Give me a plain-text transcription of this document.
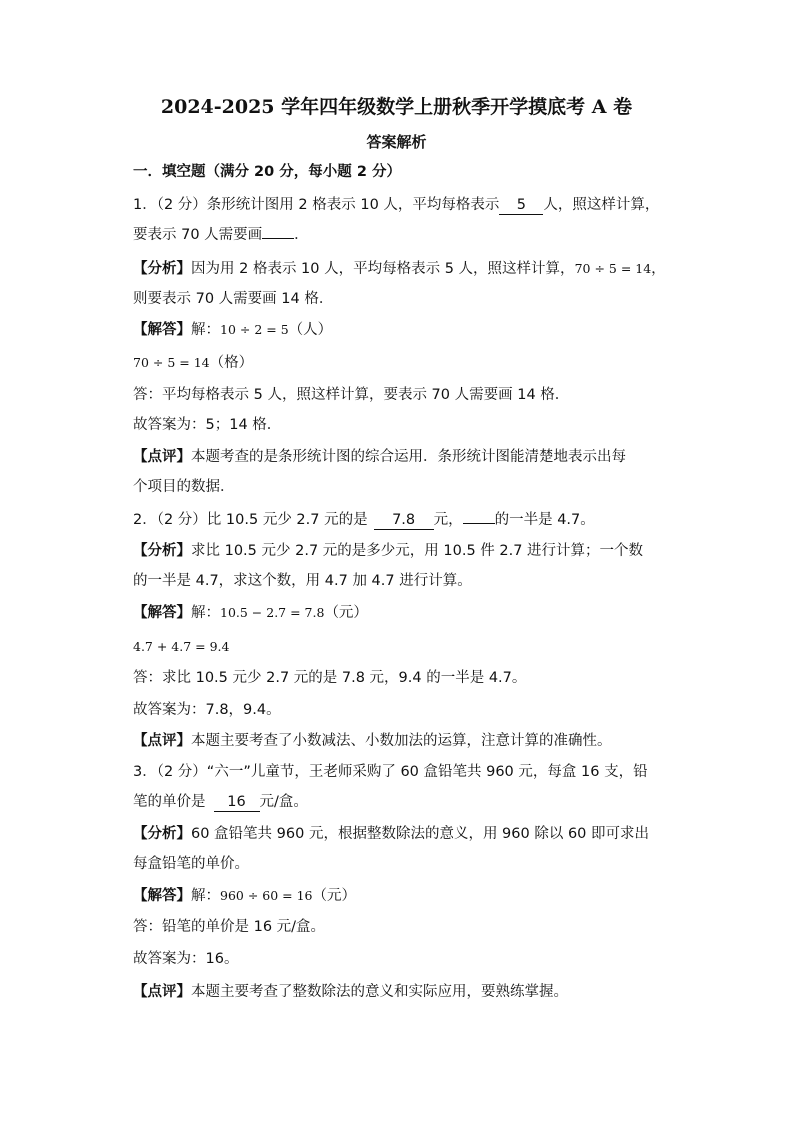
2024-2025 学年四年级数学上册秋季开学摸底考 A 卷
答案解析
一．填空题（满分 20 分，每小题 2 分）
1．（2 分）条形统计图用 2 格表示 10 人，平均每格表示 5 人，照这样计算，
要表示 70 人需要画 ．
【分析】因为用 2 格表示 10 人，平均每格表示 5 人，照这样计算，70 ÷ 5 = 14，
则要表示 70 人需要画 14 格．
【解答】解：10 ÷ 2 = 5（人）
70 ÷ 5 = 14（格）
答：平均每格表示 5 人，照这样计算，要表示 70 人需要画 14 格．
故答案为：5；14 格．
【点评】本题考查的是条形统计图的综合运用．条形统计图能清楚地表示出每
个项目的数据．
2．（2 分）比 10.5 元少 2.7 元的是 7.8 元， 的一半是 4.7。
【分析】求比 10.5 元少 2.7 元的是多少元，用 10.5 件 2.7 进行计算；一个数
的一半是 4.7，求这个数，用 4.7 加 4.7 进行计算。
【解答】解：10.5 − 2.7 = 7.8（元）
4.7 + 4.7 = 9.4
答：求比 10.5 元少 2.7 元的是 7.8 元，9.4 的一半是 4.7。
故答案为：7.8，9.4。
【点评】本题主要考查了小数减法、小数加法的运算，注意计算的准确性。
3．（2 分）“六一”儿童节，王老师采购了 60 盒铅笔共 960 元，每盒 16 支，铅
笔的单价是 16 元/盒。
【分析】60 盒铅笔共 960 元，根据整数除法的意义，用 960 除以 60 即可求出
每盒铅笔的单价。
【解答】解：960 ÷ 60 = 16（元）
答：铅笔的单价是 16 元/盒。
故答案为：16。
【点评】本题主要考查了整数除法的意义和实际应用，要熟练掌握。
